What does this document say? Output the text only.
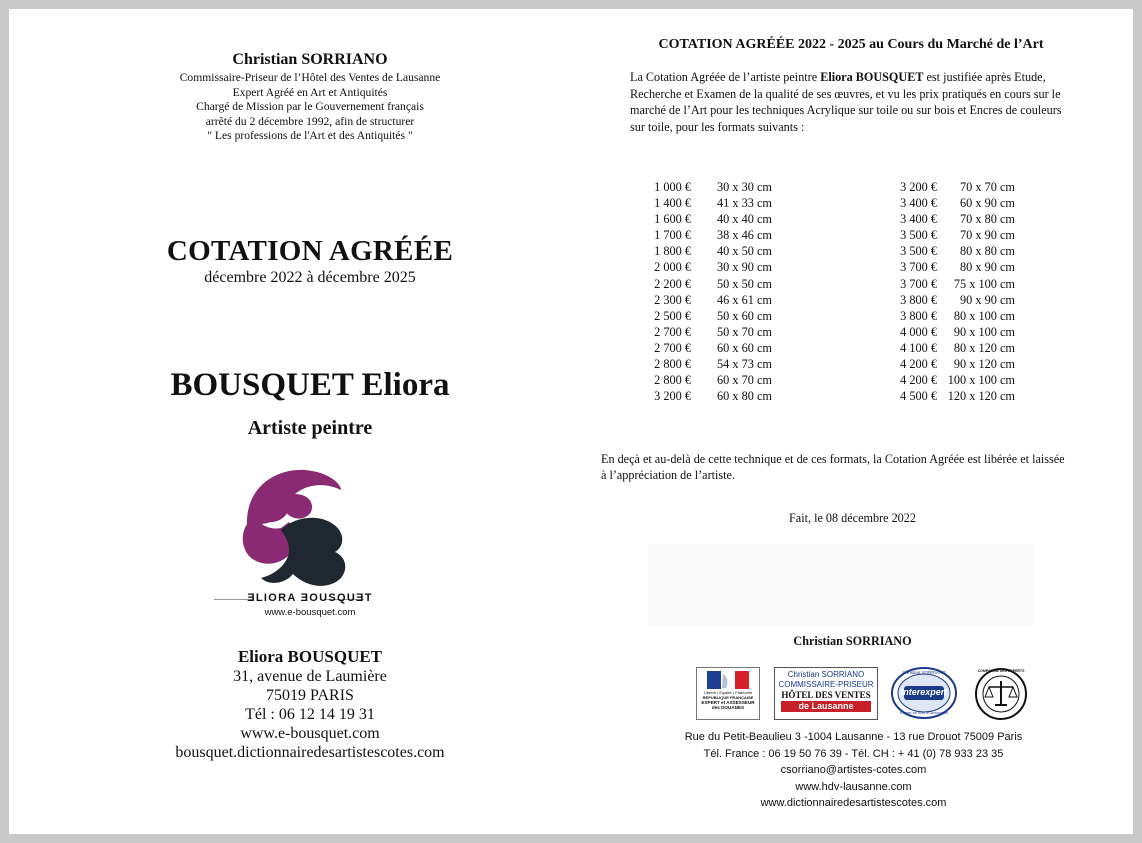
Christian SORRIANO
Commissaire-Priseur de l’Hôtel des Ventes de Lausanne
Expert Agréé en Art et Antiquités
Chargé de Mission par le Gouvernement français
arrêté du 2 décembre 1992, afin de structurer
" Les professions de l'Art et des Antiquités "
COTATION AGRÉÉE
décembre 2022 à décembre 2025
BOUSQUET Eliora
Artiste peintre
ƎLIORA ƎOUSQUƎT
www.e-bousquet.com
Eliora BOUSQUET
31, avenue de Laumière
75019 PARIS
Tél : 06 12 14 19 31
www.e-bousquet.com
bousquet.dictionnairedesartistescotes.com
COTATION AGRÉÉE 2022 - 2025 au Cours du Marché de l’Art
La Cotation Agréée de l’artiste peintre Eliora BOUSQUET est justifiée après Etude, Recherche et Examen de la qualité de ses œuvres, et vu les prix pratiqués en cours sur le marché de l’Art pour les techniques Acrylique sur toile ou sur bois et Encres de couleurs sur toile, pour les formats suivants :
1 000 €	30 x 30 cm	3 200 €	70 x 70 cm
1 400 €	41 x 33 cm	3 400 €	60 x 90 cm
1 600 €	40 x 40 cm	3 400 €	70 x 80 cm
1 700 €	38 x 46 cm	3 500 €	70 x 90 cm
1 800 €	40 x 50 cm	3 500 €	80 x 80 cm
2 000 €	30 x 90 cm	3 700 €	80 x 90 cm
2 200 €	50 x 50 cm	3 700 €	75 x 100 cm
2 300 €	46 x 61 cm	3 800 €	90 x 90 cm
2 500 €	50 x 60 cm	3 800 €	80 x 100 cm
2 700 €	50 x 70 cm	4 000 €	90 x 100 cm
2 700 €	60 x 60 cm	4 100 €	80 x 120 cm
2 800 €	54 x 73 cm	4 200 €	90 x 120 cm
2 800 €	60 x 70 cm	4 200 €	100 x 100 cm
3 200 €	60 x 80 cm	4 500 €	120 x 120 cm
En deçà et au-delà de cette technique et de ces formats, la Cotation Agréée est libérée et laissée à l’appréciation de l’artiste.
Fait, le 08 décembre 2022
Christian SORRIANO
Liberté • Égalité • Fraternité
RÉPUBLIQUE FRANÇAISE
EXPERT et ASSESSEUR
des DOUANES
Christian SORRIANO
COMMISSAIRE-PRISEUR
HÔTEL DES VENTES
de Lausanne
Christian SORRIANO
Interexpert
Expert en Arts et Antiquités
COMPAGNIE DES EXPERTS
Rue du Petit-Beaulieu 3 -1004 Lausanne - 13 rue Drouot 75009 Paris
Tél. France : 06 19 50 76 39 - Tél. CH : + 41 (0) 78 933 23 35
csorriano@artistes-cotes.com
www.hdv-lausanne.com
www.dictionnairedesartistescotes.com
